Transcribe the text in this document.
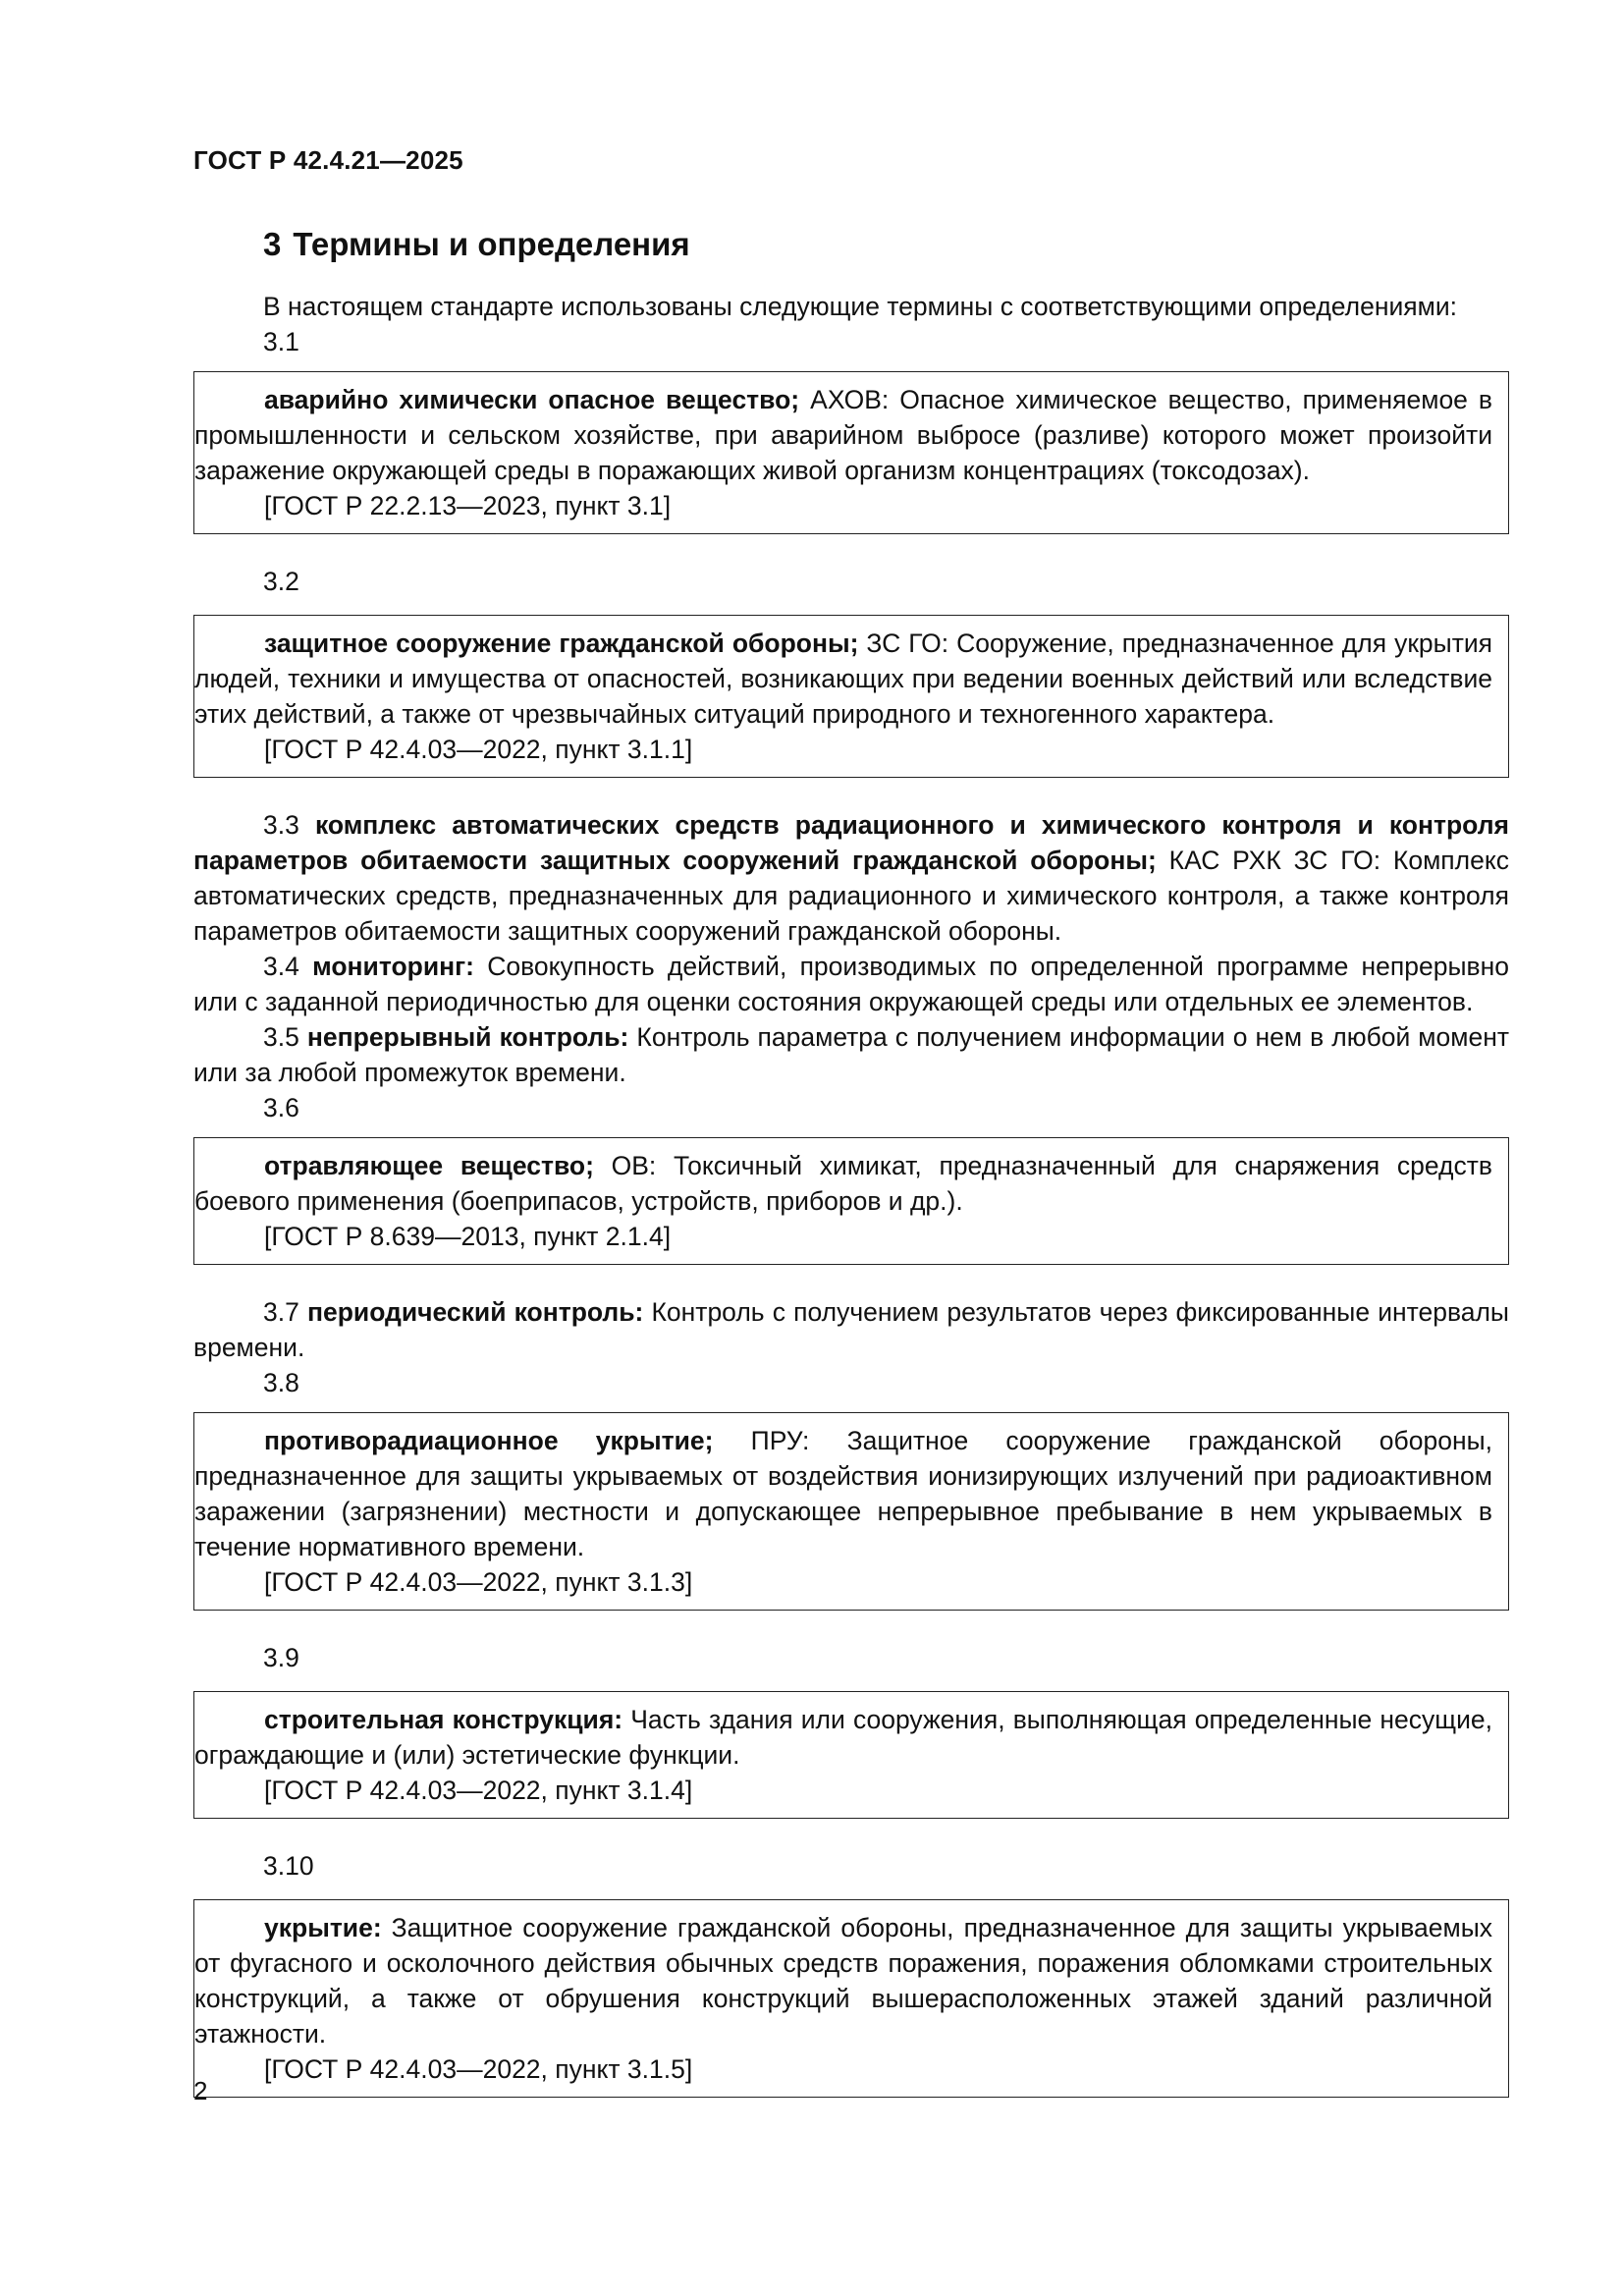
ГОСТ Р 42.4.21—2025
3 Термины и определения

В настоящем стандарте использованы следующие термины с соответствующими определениями:

3.1

аварийно химически опасное вещество; АХОВ: Опасное химическое вещество, применяемое в промышленности и сельском хозяйстве, при аварийном выбросе (разливе) которого может произойти заражение окружающей среды в поражающих живой организм концентрациях (токсодозах).

[ГОСТ Р 22.2.13—2023, пункт 3.1]

3.2

защитное сооружение гражданской обороны; ЗС ГО: Сооружение, предназначенное для укрытия людей, техники и имущества от опасностей, возникающих при ведении военных действий или вследствие этих действий, а также от чрезвычайных ситуаций природного и техногенного характера.

[ГОСТ Р 42.4.03—2022, пункт 3.1.1]

3.3 комплекс автоматических средств радиационного и химического контроля и контроля параметров обитаемости защитных сооружений гражданской обороны; КАС РХК ЗС ГО: Комплекс автоматических средств, предназначенных для радиационного и химического контроля, а также контроля параметров обитаемости защитных сооружений гражданской обороны.

3.4 мониторинг: Совокупность действий, производимых по определенной программе непрерывно или с заданной периодичностью для оценки состояния окружающей среды или отдельных ее элементов.

3.5 непрерывный контроль: Контроль параметра с получением информации о нем в любой момент или за любой промежуток времени.

3.6

отравляющее вещество; ОВ: Токсичный химикат, предназначенный для снаряжения средств боевого применения (боеприпасов, устройств, приборов и др.).

[ГОСТ Р 8.639—2013, пункт 2.1.4]

3.7 периодический контроль: Контроль с получением результатов через фиксированные интервалы времени.

3.8

противорадиационное укрытие; ПРУ: Защитное сооружение гражданской обороны, предназначенное для защиты укрываемых от воздействия ионизирующих излучений при радиоактивном заражении (загрязнении) местности и допускающее непрерывное пребывание в нем укрываемых в течение нормативного времени.

[ГОСТ Р 42.4.03—2022, пункт 3.1.3]

3.9

строительная конструкция: Часть здания или сооружения, выполняющая определенные несущие, ограждающие и (или) эстетические функции.

[ГОСТ Р 42.4.03—2022, пункт 3.1.4]

3.10

укрытие: Защитное сооружение гражданской обороны, предназначенное для защиты укрываемых от фугасного и осколочного действия обычных средств поражения, поражения обломками строительных конструкций, а также от обрушения конструкций вышерасположенных этажей зданий различной этажности.

[ГОСТ Р 42.4.03—2022, пункт 3.1.5]

2
